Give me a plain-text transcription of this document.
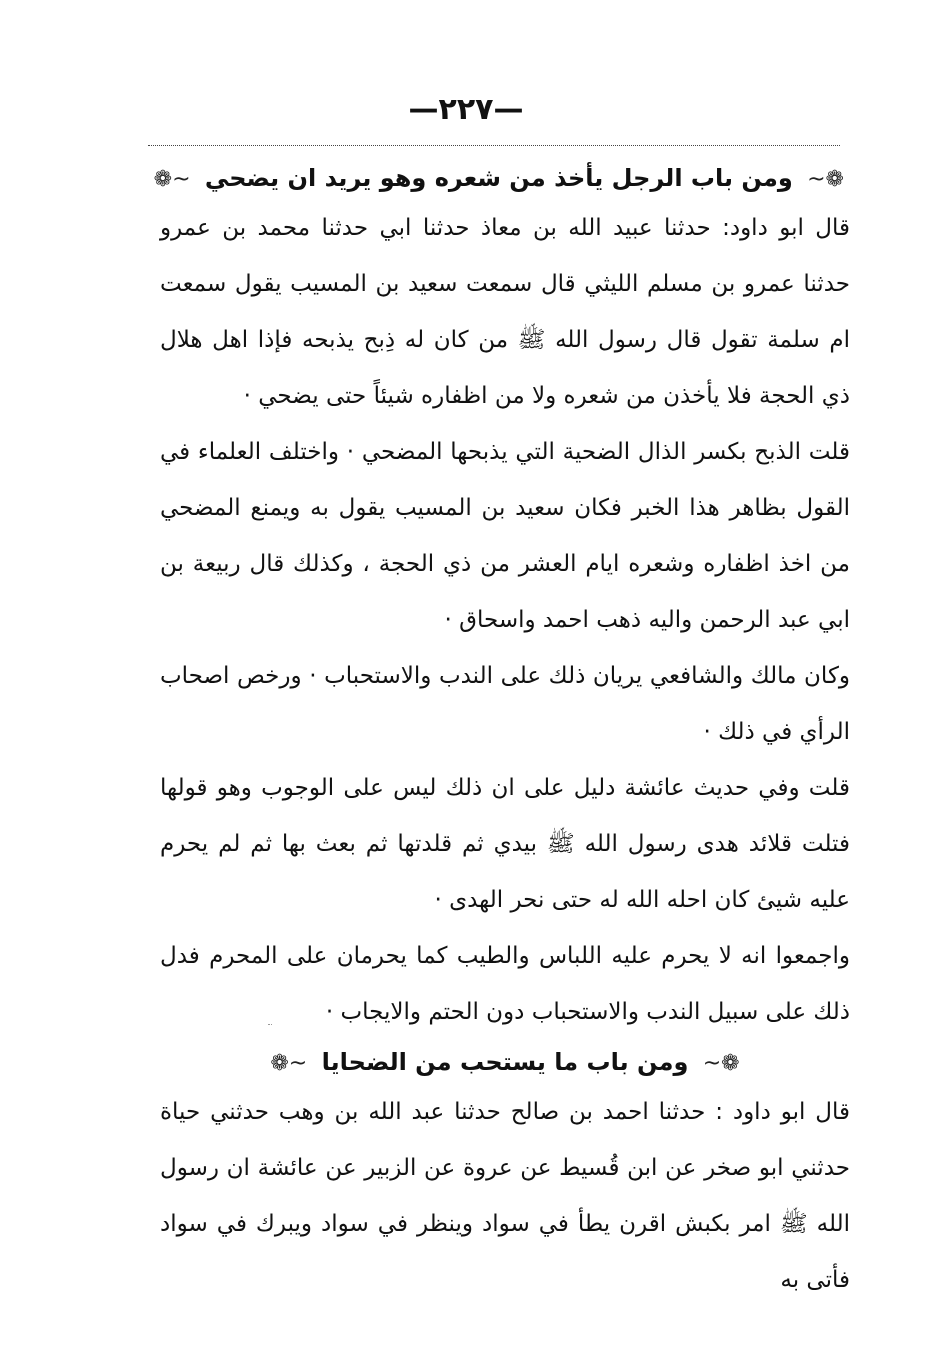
—٢٢٧—
❁~ ومن باب الرجل يأخذ من شعره وهو يريد ان يضحي ~❁

قال ابو داود: حدثنا عبيد الله بن معاذ حدثنا ابي حدثنا محمد بن عمرو حدثنا عمرو بن مسلم الليثي قال سمعت سعيد بن المسيب يقول سمعت ام سلمة تقول قال رسول الله ﷺ من كان له ذِبح يذبحه فإذا اهل هلال ذي الحجة فلا يأخذن من شعره ولا من اظفاره شيئاً حتى يضحي ·

قلت الذبح بكسر الذال الضحية التي يذبحها المضحي · واختلف العلماء في القول بظاهر هذا الخبر فكان سعيد بن المسيب يقول به ويمنع المضحي من اخذ اظفاره وشعره ايام العشر من ذي الحجة ، وكذلك قال ربيعة بن ابي عبد الرحمن واليه ذهب احمد واسحاق ·

وكان مالك والشافعي يريان ذلك على الندب والاستحباب · ورخص اصحاب الرأي في ذلك ·

قلت وفي حديث عائشة دليل على ان ذلك ليس على الوجوب وهو قولها فتلت قلائد هدى رسول الله ﷺ بيدي ثم قلدتها ثم بعث بها ثم لم يحرم عليه شيئ كان احله الله له حتى نحر الهدى ·

واجمعوا انه لا يحرم عليه اللباس والطيب كما يحرمان على المحرم فدل ذلك على سبيل الندب والاستحباب دون الحتم والايجاب ·

❁~ ومن باب ما يستحب من الضحايا ~❁

قال ابو داود : حدثنا احمد بن صالح حدثنا عبد الله بن وهب حدثني حياة حدثني ابو صخر عن ابن قُسيط عن عروة عن الزبير عن عائشة ان رسول الله ﷺ امر بكبش اقرن يطأ في سواد وينظر في سواد ويبرك في سواد فأتى به
